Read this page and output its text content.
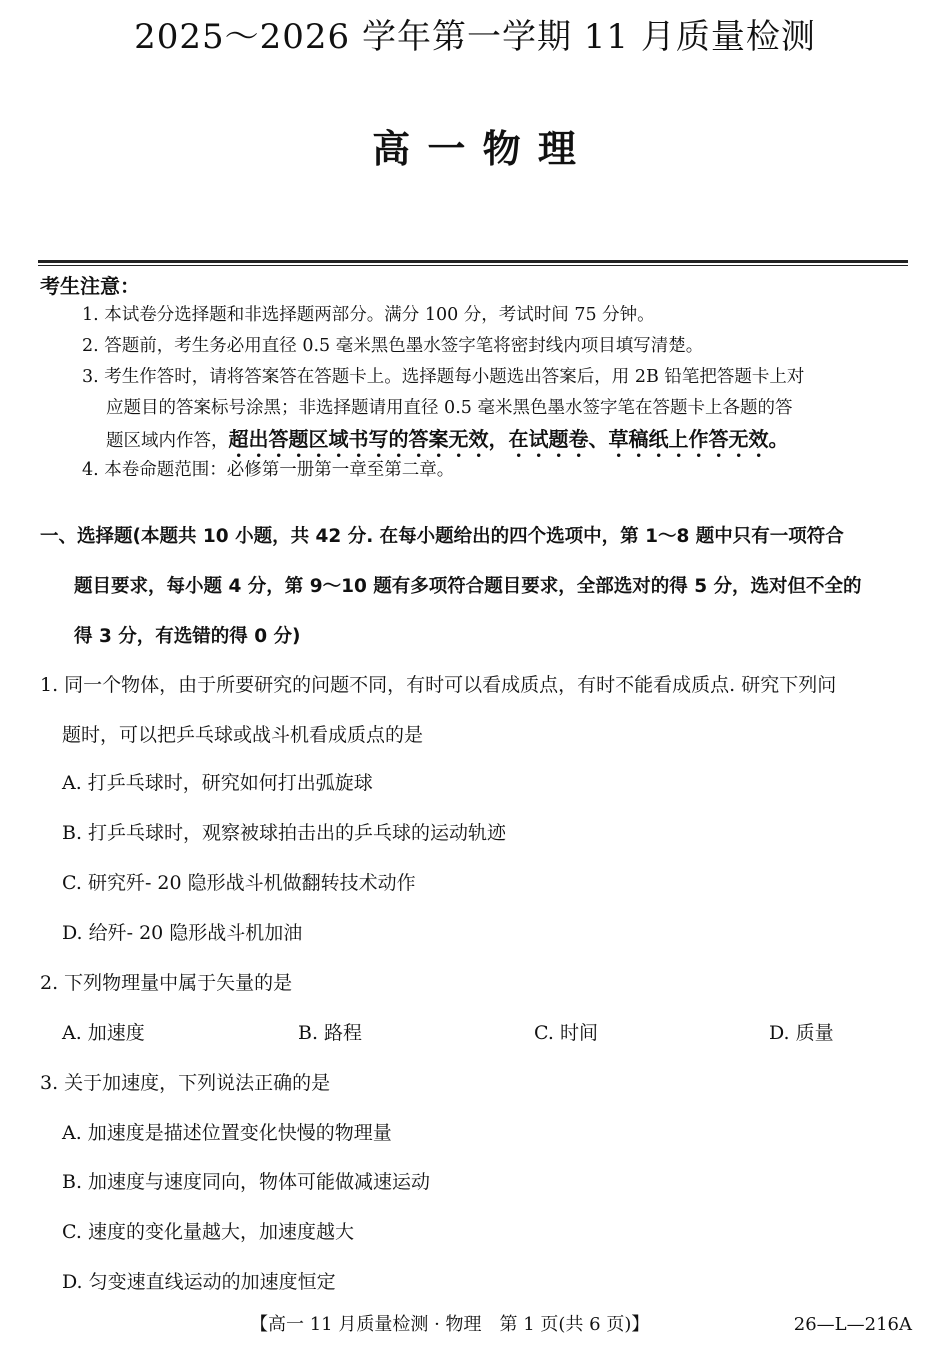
2025～2026 学年第一学期 11 月质量检测
高 一 物 理
考生注意：
1. 本试卷分选择题和非选择题两部分。满分 100 分，考试时间 75 分钟。
2. 答题前，考生务必用直径 0.5 毫米黑色墨水签字笔将密封线内项目填写清楚。
3. 考生作答时，请将答案答在答题卡上。选择题每小题选出答案后，用 2B 铅笔把答题卡上对
应题目的答案标号涂黑；非选择题请用直径 0.5 毫米黑色墨水签字笔在答题卡上各题的答
题区域内作答，超出答题区域书写的答案无效，在试题卷、草稿纸上作答无效。
4. 本卷命题范围：必修第一册第一章至第二章。
一、选择题(本题共 10 小题，共 42 分. 在每小题给出的四个选项中，第 1～8 题中只有一项符合
题目要求，每小题 4 分，第 9～10 题有多项符合题目要求，全部选对的得 5 分，选对但不全的
得 3 分，有选错的得 0 分)
1. 同一个物体，由于所要研究的问题不同，有时可以看成质点，有时不能看成质点. 研究下列问
题时，可以把乒乓球或战斗机看成质点的是
A. 打乒乓球时，研究如何打出弧旋球
B. 打乒乓球时，观察被球拍击出的乒乓球的运动轨迹
C. 研究歼- 20 隐形战斗机做翻转技术动作
D. 给歼- 20 隐形战斗机加油
2. 下列物理量中属于矢量的是
A. 加速度	B. 路程	C. 时间	D. 质量
3. 关于加速度，下列说法正确的是
A. 加速度是描述位置变化快慢的物理量
B. 加速度与速度同向，物体可能做减速运动
C. 速度的变化量越大，加速度越大
D. 匀变速直线运动的加速度恒定
【高一 11 月质量检测 · 物理　第 1 页(共 6 页)】	26—L—216A
